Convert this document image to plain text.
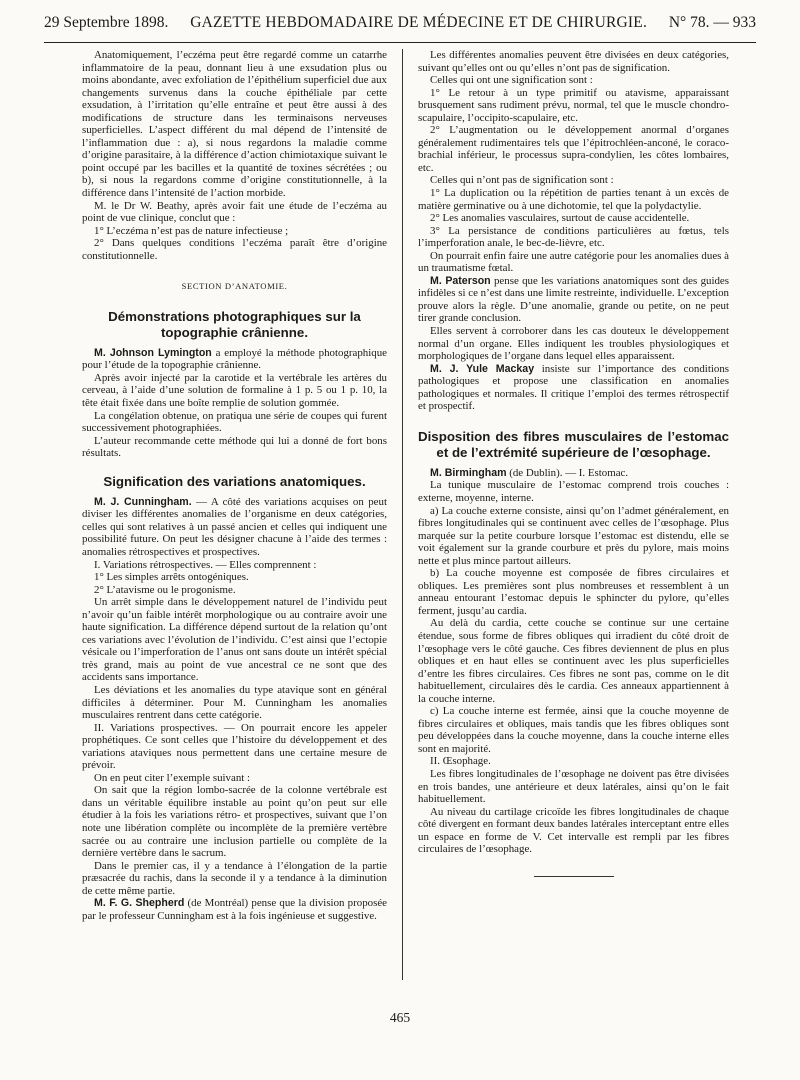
29 Septembre 1898. GAZETTE HEBDOMADAIRE DE MÉDECINE ET DE CHIRURGIE. N° 78. — 933

Anatomiquement, l’eczéma peut être regardé comme un catarrhe inflammatoire de la peau, donnant lieu à une exsudation plus ou moins abondante, avec exfoliation de l’épithélium superficiel due aux changements survenus dans la couche épithéliale par cette exsudation, à l’irritation qu’elle entraîne et peut être aussi à des modifications de structure dans les terminaisons nerveuses superficielles. L’aspect différent du mal dépend de l’intensité de l’inflammation due : a), si nous regardons la maladie comme d’origine parasitaire, à la différence d’action chimiotaxique suivant le point occupé par les bacilles et la quantité de toxines sécrétées ; ou b), si nous la regardons comme d’origine constitutionnelle, à la différence dans l’intensité de l’action morbide.

M. le Dr W. Beathy, après avoir fait une étude de l’eczéma au point de vue clinique, conclut que :

1° L’eczéma n’est pas de nature infectieuse ;

2° Dans quelques conditions l’eczéma paraît être d’origine constitutionnelle.

SECTION D’ANATOMIE.
Démonstrations photographiques sur la topographie crânienne.

M. Johnson Lymington a employé la méthode photographique pour l’étude de la topographie crânienne.

Après avoir injecté par la carotide et la vertébrale les artères du cerveau, à l’aide d’une solution de formaline à 1 p. 5 ou 1 p. 10, la tête était fixée dans une boîte remplie de solution gommée.

La congélation obtenue, on pratiqua une série de coupes qui furent successivement photographiées.

L’auteur recommande cette méthode qui lui a donné de fort bons résultats.

Signification des variations anatomiques.

M. J. Cunningham. — A côté des variations acquises on peut diviser les différentes anomalies de l’organisme en deux catégories, celles qui sont relatives à un passé ancien et celles qui indiquent une possibilité future. On peut les désigner chacune à l’aide des termes : anomalies rétrospectives et prospectives.

I. Variations rétrospectives. — Elles comprennent :

1° Les simples arrêts ontogéniques.

2° L’atavisme ou le progonisme.

Un arrêt simple dans le développement naturel de l’individu peut n’avoir qu’un faible intérêt morphologique ou au contraire avoir une haute signification. La différence dépend surtout de la relation qu’ont ces variations avec l’évolution de l’individu. C’est ainsi que l’ectopie vésicale ou l’imperforation de l’anus ont sans doute un intérêt spécial très grand, mais au point de vue ancestral ce ne sont que des accidents sans importance.

Les déviations et les anomalies du type atavique sont en général difficiles à déterminer. Pour M. Cunningham les anomalies musculaires rentrent dans cette catégorie.

II. Variations prospectives. — On pourrait encore les appeler prophétiques. Ce sont celles que l’histoire du développement et des variations ataviques nous permettent dans une certaine mesure de prévoir.

On en peut citer l’exemple suivant :

On sait que la région lombo-sacrée de la colonne vertébrale est dans un véritable équilibre instable au point qu’on peut sur elle étudier à la fois les variations rétro- et prospectives, suivant que l’on note une libération complète ou incomplète de la première vertèbre sacrée ou au contraire une inclusion partielle ou complète de la dernière vertèbre dans le sacrum.

Dans le premier cas, il y a tendance à l’élongation de la partie præsacrée du rachis, dans la seconde il y a tendance à la diminution de cette même partie.

M. F. G. Shepherd (de Montréal) pense que la division proposée par le professeur Cunningham est à la fois ingénieuse et suggestive.

Les différentes anomalies peuvent être divisées en deux catégories, suivant qu’elles ont ou qu’elles n’ont pas de signification.

Celles qui ont une signification sont :

1° Le retour à un type primitif ou atavisme, apparaissant brusquement sans rudiment prévu, normal, tel que le muscle chondro-scapulaire, l’occipito-scapulaire, etc.

2° L’augmentation ou le développement anormal d’organes généralement rudimentaires tels que l’épitrochléen-anconé, le coraco-brachial inférieur, le processus supra-condylien, les côtes lombaires, etc.

Celles qui n’ont pas de signification sont :

1° La duplication ou la répétition de parties tenant à un excès de matière germinative ou à une dichotomie, tel que la polydactylie.

2° Les anomalies vasculaires, surtout de cause accidentelle.

3° La persistance de conditions particulières au fœtus, tels l’imperforation anale, le bec-de-lièvre, etc.

On pourrait enfin faire une autre catégorie pour les anomalies dues à un traumatisme fœtal.

M. Paterson pense que les variations anatomiques sont des guides infidèles si ce n’est dans une limite restreinte, individuelle. L’exception prouve alors la règle. D’une anomalie, grande ou petite, on ne peut tirer grande conclusion.

Elles servent à corroborer dans les cas douteux le développement normal d’un organe. Elles indiquent les troubles physiologiques et morphologiques de l’organe dans lequel elles apparaissent.

M. J. Yule Mackay insiste sur l’importance des conditions pathologiques et propose une classification en anomalies pathologiques et normales. Il critique l’emploi des termes rétrospectif et prospectif.

Disposition des fibres musculaires de l’estomac et de l’extrémité supérieure de l’œsophage.

M. Birmingham (de Dublin). — I. Estomac.

La tunique musculaire de l’estomac comprend trois couches : externe, moyenne, interne.

a) La couche externe consiste, ainsi qu’on l’admet généralement, en fibres longitudinales qui se continuent avec celles de l’œsophage. Plus marquée sur la petite courbure lorsque l’estomac est distendu, elle se voit également sur la grande courbure et près du pylore, mais moins nette et plus mince partout ailleurs.

b) La couche moyenne est composée de fibres circulaires et obliques. Les premières sont plus nombreuses et ressemblent à un anneau entourant l’estomac depuis le sphincter du pylore, qu’elles ferment, jusqu’au cardia.

Au delà du cardia, cette couche se continue sur une certaine étendue, sous forme de fibres obliques qui irradient du côté droit de l’œsophage vers le côté gauche. Ces fibres deviennent de plus en plus obliques et en haut elles se continuent avec les plus superficielles d’entre les fibres circulaires. Ces fibres ne sont pas, comme on le dit habituellement, circulaires dès le cardia. Ces anneaux appartiennent à la couche interne.

c) La couche interne est fermée, ainsi que la couche moyenne de fibres circulaires et obliques, mais tandis que les fibres obliques sont peu développées dans la couche moyenne, dans la couche interne elles sont en majorité.

II. Œsophage.

Les fibres longitudinales de l’œsophage ne doivent pas être divisées en trois bandes, une antérieure et deux latérales, ainsi qu’on le fait habituellement.

Au niveau du cartilage cricoïde les fibres longitudinales de chaque côté divergent en formant deux bandes latérales interceptant entre elles un espace en forme de V. Cet intervalle est rempli par les fibres circulaires de l’œsophage.

465
